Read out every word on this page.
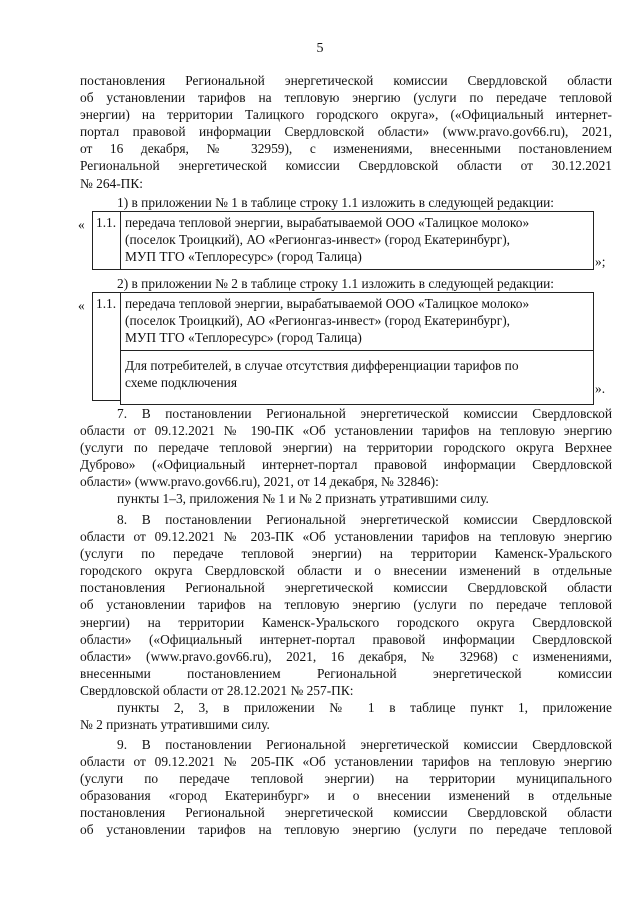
5
постановления Региональной энергетической комиссии Свердловской области
об установлении тарифов на тепловую энергию (услуги по передаче тепловой
энергии) на территории Талицкого городского округа», («Официальный интернет-
портал правовой информации Свердловской области» (www.pravo.gov66.ru), 2021,
от 16 декабря, № 32959), с изменениями, внесенными постановлением
Региональной энергетической комиссии Свердловской области от 30.12.2021
№ 264-ПК:
1) в приложении № 1 в таблице строку 1.1 изложить в следующей редакции:
« 1.1. передача тепловой энергии, вырабатываемой ООО «Талицкое молоко»
(поселок Троицкий), АО «Регионгаз-инвест» (город Екатеринбург),
МУП ТГО «Теплоресурс» (город Талица)	»;
2) в приложении № 2 в таблице строку 1.1 изложить в следующей редакции:
« 1.1. передача тепловой энергии, вырабатываемой ООО «Талицкое молоко»
(поселок Троицкий), АО «Регионгаз-инвест» (город Екатеринбург),
МУП ТГО «Теплоресурс» (город Талица)
Для потребителей, в случае отсутствия дифференциации тарифов по
схеме подключения	».
7. В постановлении Региональной энергетической комиссии Свердловской
области от 09.12.2021 № 190-ПК «Об установлении тарифов на тепловую энергию
(услуги по передаче тепловой энергии) на территории городского округа Верхнее
Дуброво» («Официальный интернет-портал правовой информации Свердловской
области» (www.pravo.gov66.ru), 2021, от 14 декабря, № 32846):
пункты 1–3, приложения № 1 и № 2 признать утратившими силу.
8. В постановлении Региональной энергетической комиссии Свердловской
области от 09.12.2021 № 203-ПК «Об установлении тарифов на тепловую энергию
(услуги по передаче тепловой энергии) на территории Каменск-Уральского
городского округа Свердловской области и о внесении изменений в отдельные
постановления Региональной энергетической комиссии Свердловской области
об установлении тарифов на тепловую энергию (услуги по передаче тепловой
энергии) на территории Каменск-Уральского городского округа Свердловской
области» («Официальный интернет-портал правовой информации Свердловской
области» (www.pravo.gov66.ru), 2021, 16 декабря, № 32968) с изменениями,
внесенными постановлением Региональной энергетической комиссии
Свердловской области от 28.12.2021 № 257-ПК:
пункты 2, 3, в приложении № 1 в таблице пункт 1, приложение
№ 2 признать утратившими силу.
9. В постановлении Региональной энергетической комиссии Свердловской
области от 09.12.2021 № 205-ПК «Об установлении тарифов на тепловую энергию
(услуги по передаче тепловой энергии) на территории муниципального
образования «город Екатеринбург» и о внесении изменений в отдельные
постановления Региональной энергетической комиссии Свердловской области
об установлении тарифов на тепловую энергию (услуги по передаче тепловой
